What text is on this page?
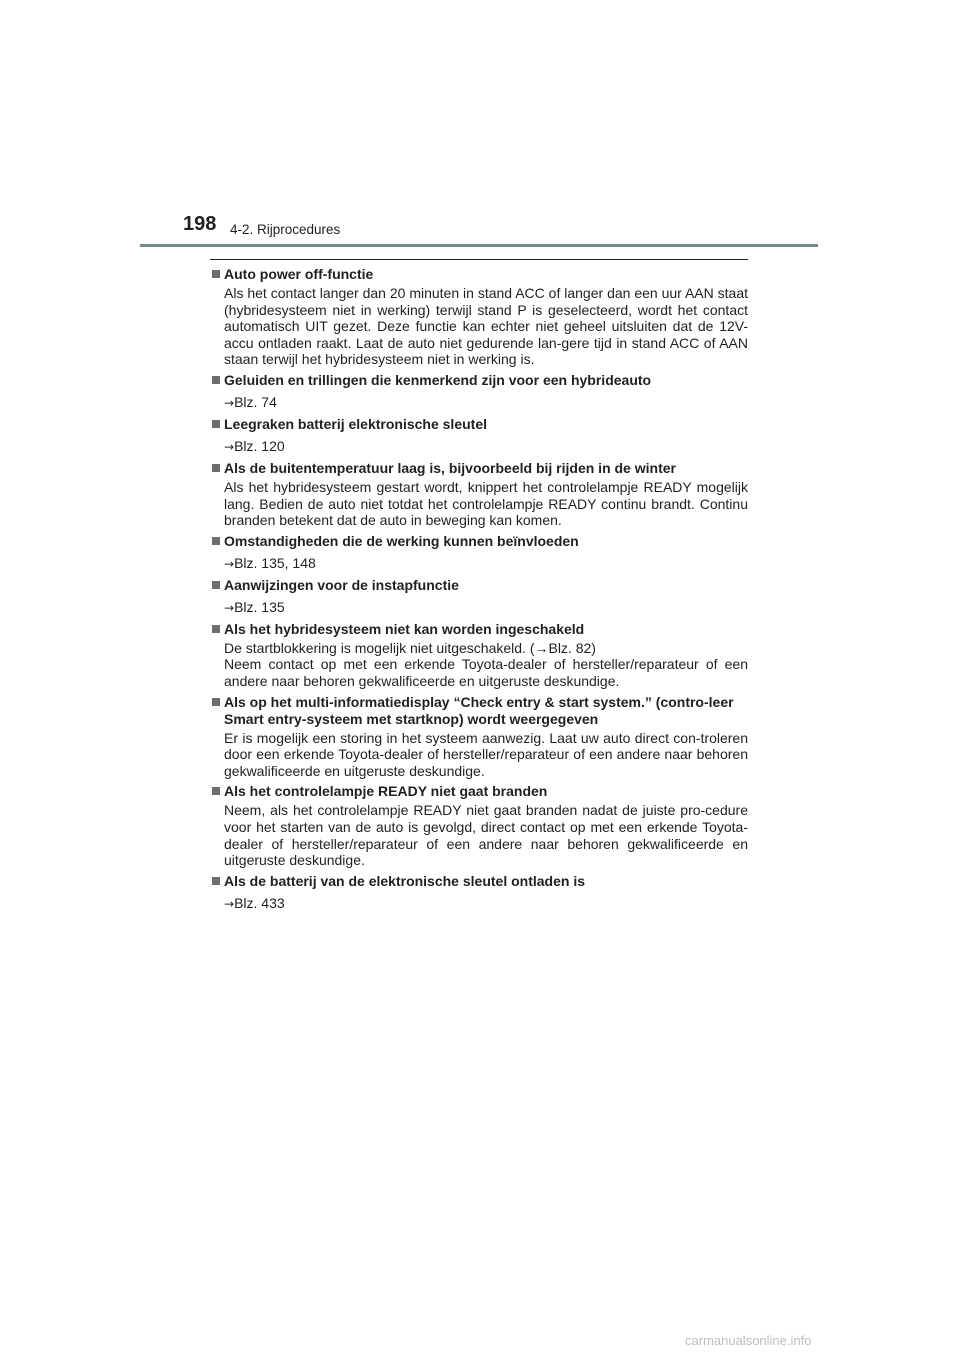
198 4-2. Rijprocedures
Auto power off-functie
Als het contact langer dan 20 minuten in stand ACC of langer dan een uur AAN staat (hybridesysteem niet in werking) terwijl stand P is geselecteerd, wordt het contact automatisch UIT gezet. Deze functie kan echter niet geheel uitsluiten dat de 12V-accu ontladen raakt. Laat de auto niet gedurende lan-gere tijd in stand ACC of AAN staan terwijl het hybridesysteem niet in werking is.
Geluiden en trillingen die kenmerkend zijn voor een hybrideauto
→Blz. 74
Leegraken batterij elektronische sleutel
→Blz. 120
Als de buitentemperatuur laag is, bijvoorbeeld bij rijden in de winter
Als het hybridesysteem gestart wordt, knippert het controlelampje READY mogelijk lang. Bedien de auto niet totdat het controlelampje READY continu brandt. Continu branden betekent dat de auto in beweging kan komen.
Omstandigheden die de werking kunnen beïnvloeden
→Blz. 135, 148
Aanwijzingen voor de instapfunctie
→Blz. 135
Als het hybridesysteem niet kan worden ingeschakeld
De startblokkering is mogelijk niet uitgeschakeld. (→Blz. 82)
Neem contact op met een erkende Toyota-dealer of hersteller/reparateur of een andere naar behoren gekwalificeerde en uitgeruste deskundige.
Als op het multi-informatiedisplay “Check entry & start system.” (contro-leer Smart entry-systeem met startknop) wordt weergegeven
Er is mogelijk een storing in het systeem aanwezig. Laat uw auto direct con-troleren door een erkende Toyota-dealer of hersteller/reparateur of een andere naar behoren gekwalificeerde en uitgeruste deskundige.
Als het controlelampje READY niet gaat branden
Neem, als het controlelampje READY niet gaat branden nadat de juiste pro-cedure voor het starten van de auto is gevolgd, direct contact op met een erkende Toyota-dealer of hersteller/reparateur of een andere naar behoren gekwalificeerde en uitgeruste deskundige.
Als de batterij van de elektronische sleutel ontladen is
→Blz. 433
carmanualsonline.info
